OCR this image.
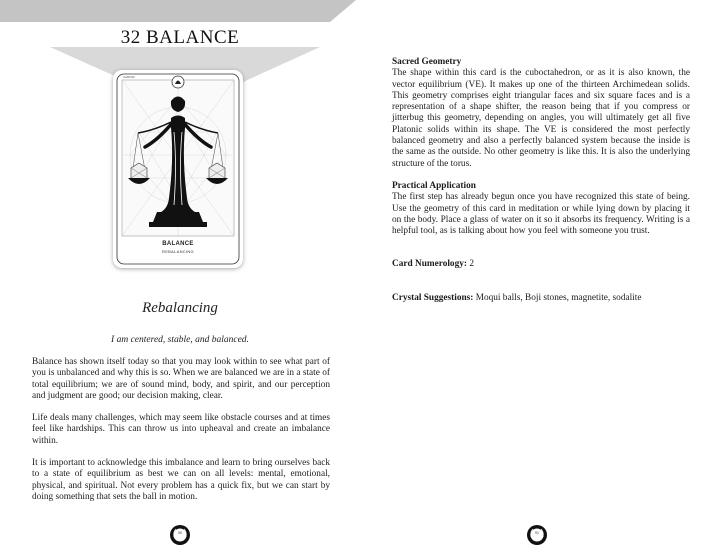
32 BALANCE
CARD32
BALANCE
REBALANCING
Rebalancing
I am centered, stable, and balanced.

Balance has shown itself today so that you may look within to see what part of you is unbalanced and why this is so. When we are balanced we are in a state of total equilibrium; we are of sound mind, body, and spirit, and our perception and judgment are good; our decision making, clear.

Life deals many challenges, which may seem like obstacle courses and at times feel like hardships. This can throw us into upheaval and create an imbalance within.

It is important to acknowledge this imbalance and learn to bring ourselves back to a state of equilibrium as best we can on all levels: mental, emotional, physical, and spiritual. Not every problem has a quick fix, but we can start by doing something that sets the ball in motion.

90
Sacred Geometry

The shape within this card is the cuboctahedron, or as it is also known, the vector equilibrium (VE). It makes up one of the thirteen Archimedean solids. This geometry comprises eight triangular faces and six square faces and is a representation of a shape shifter, the reason being that if you compress or jitterbug this geometry, depending on angles, you will ultimately get all five Platonic solids within its shape. The VE is considered the most perfectly balanced geometry and also a perfectly balanced system because the inside is the same as the outside. No other geometry is like this. It is also the underlying structure of the torus.

Practical Application

The first step has already begun once you have recognized this state of being. Use the geometry of this card in meditation or while lying down by placing it on the body. Place a glass of water on it so it absorbs its frequency. Writing is a helpful tool, as is talking about how you feel with someone you trust.

Card Numerology: 2

Crystal Suggestions: Moqui balls, Boji stones, magnetite, sodalite

91
